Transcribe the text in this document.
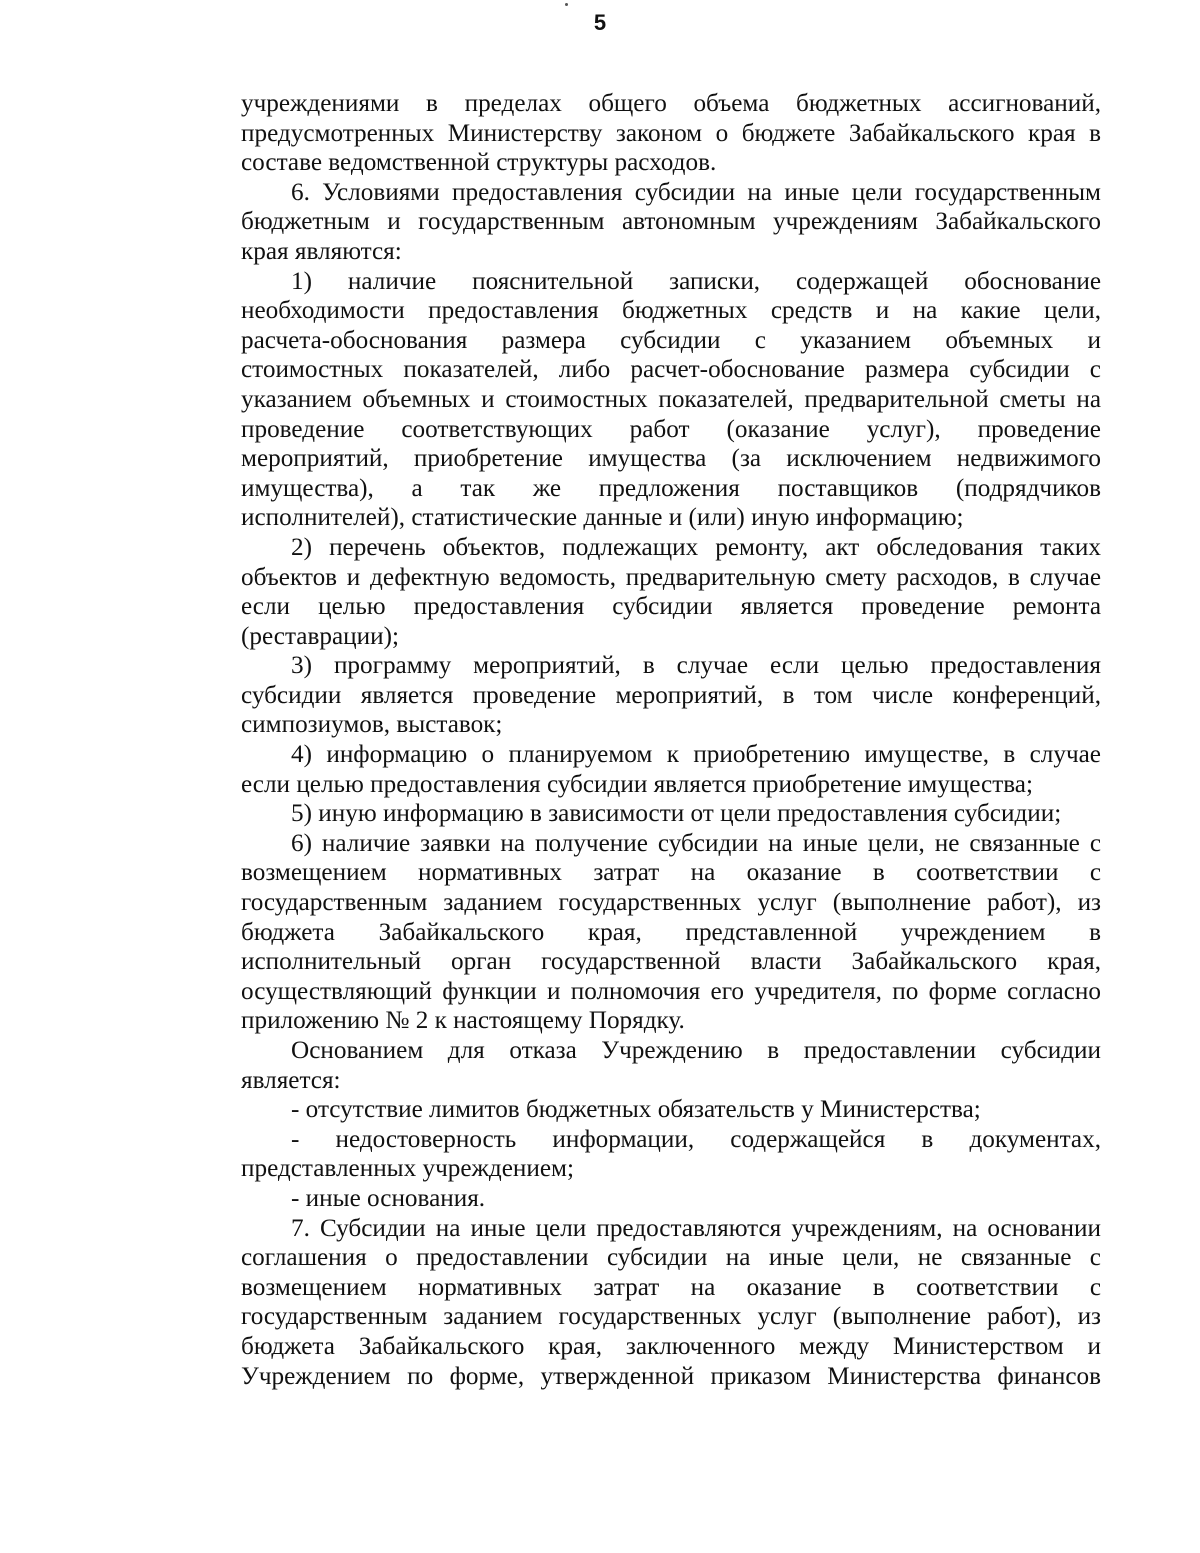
5
учреждениями в пределах общего объема бюджетных ассигнований,
предусмотренных Министерству законом о бюджете Забайкальского края в
составе ведомственной структуры расходов.
6. Условиями предоставления субсидии на иные цели государственным
бюджетным и государственным автономным учреждениям Забайкальского
края являются:
1) наличие пояснительной записки, содержащей обоснование
необходимости предоставления бюджетных средств и на какие цели,
расчета-обоснования размера субсидии с указанием объемных и
стоимостных показателей, либо расчет-обоснование размера субсидии с
указанием объемных и стоимостных показателей, предварительной сметы на
проведение соответствующих работ (оказание услуг), проведение
мероприятий, приобретение имущества (за исключением недвижимого
имущества), а так же предложения поставщиков (подрядчиков
исполнителей), статистические данные и (или) иную информацию;
2) перечень объектов, подлежащих ремонту, акт обследования таких
объектов и дефектную ведомость, предварительную смету расходов, в случае
если целью предоставления субсидии является проведение ремонта
(реставрации);
3) программу мероприятий, в случае если целью предоставления
субсидии является проведение мероприятий, в том числе конференций,
симпозиумов, выставок;
4) информацию о планируемом к приобретению имуществе, в случае
если целью предоставления субсидии является приобретение имущества;
5) иную информацию в зависимости от цели предоставления субсидии;
6) наличие заявки на получение субсидии на иные цели, не связанные с
возмещением нормативных затрат на оказание в соответствии с
государственным заданием государственных услуг (выполнение работ), из
бюджета Забайкальского края, представленной учреждением в
исполнительный орган государственной власти Забайкальского края,
осуществляющий функции и полномочия его учредителя, по форме согласно
приложению № 2 к настоящему Порядку.
Основанием для отказа Учреждению в предоставлении субсидии
является:
- отсутствие лимитов бюджетных обязательств у Министерства;
- недостоверность информации, содержащейся в документах,
представленных учреждением;
- иные основания.
7. Субсидии на иные цели предоставляются учреждениям, на основании
соглашения о предоставлении субсидии на иные цели, не связанные с
возмещением нормативных затрат на оказание в соответствии с
государственным заданием государственных услуг (выполнение работ), из
бюджета Забайкальского края, заключенного между Министерством и
Учреждением по форме, утвержденной приказом Министерства финансов
